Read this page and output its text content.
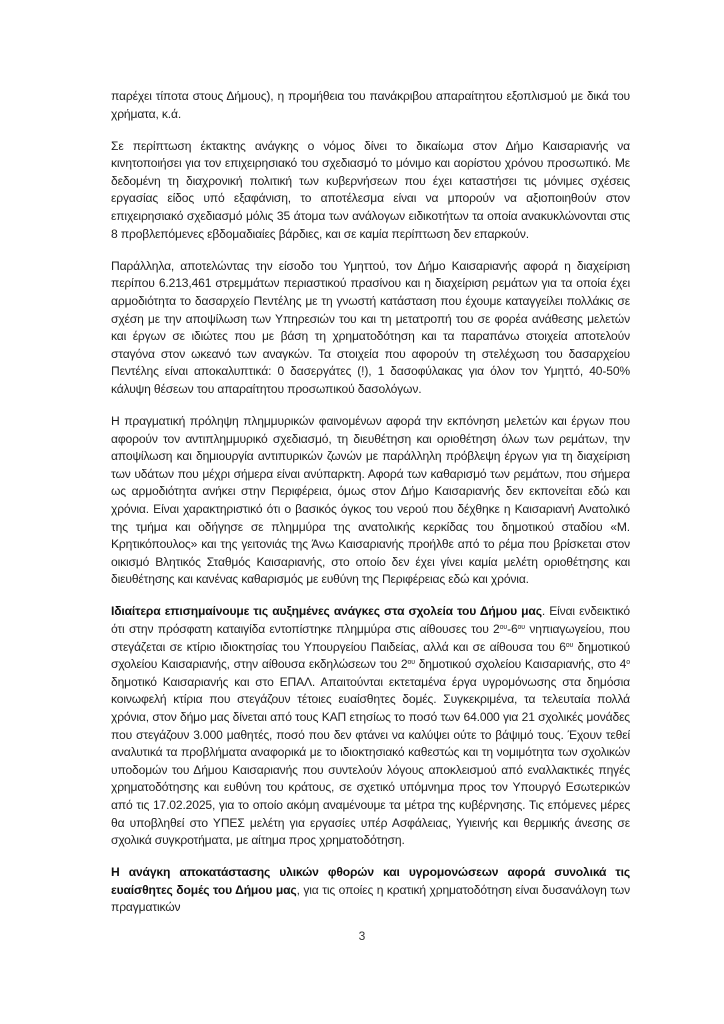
παρέχει τίποτα στους Δήμους), η προμήθεια του πανάκριβου απαραίτητου εξοπλισμού με δικά του χρήματα, κ.ά.

Σε περίπτωση έκτακτης ανάγκης ο νόμος δίνει το δικαίωμα στον Δήμο Καισαριανής να κινητοποιήσει για τον επιχειρησιακό του σχεδιασμό το μόνιμο και αορίστου χρόνου προσωπικό. Με δεδομένη τη διαχρονική πολιτική των κυβερνήσεων που έχει καταστήσει τις μόνιμες σχέσεις εργασίας είδος υπό εξαφάνιση, το αποτέλεσμα είναι να μπορούν να αξιοποιηθούν στον επιχειρησιακό σχεδιασμό μόλις 35 άτομα των ανάλογων ειδικοτήτων τα οποία ανακυκλώνονται στις 8 προβλεπόμενες εβδομαδιαίες βάρδιες, και σε καμία περίπτωση δεν επαρκούν.

Παράλληλα, αποτελώντας την είσοδο του Υμηττού, τον Δήμο Καισαριανής αφορά η διαχείριση περίπου 6.213,461 στρεμμάτων περιαστικού πρασίνου και η διαχείριση ρεμάτων για τα οποία έχει αρμοδιότητα το δασαρχείο Πεντέλης με τη γνωστή κατάσταση που έχουμε καταγγείλει πολλάκις σε σχέση με την αποψίλωση των Υπηρεσιών του και τη μετατροπή του σε φορέα ανάθεσης μελετών και έργων σε ιδιώτες που με βάση τη χρηματοδότηση και τα παραπάνω στοιχεία αποτελούν σταγόνα στον ωκεανό των αναγκών. Τα στοιχεία που αφορούν τη στελέχωση του δασαρχείου Πεντέλης είναι αποκαλυπτικά: 0 δασεργάτες (!), 1 δασοφύλακας για όλον τον Υμηττό, 40-50% κάλυψη θέσεων του απαραίτητου προσωπικού δασολόγων.

Η πραγματική πρόληψη πλημμυρικών φαινομένων αφορά την εκπόνηση μελετών και έργων που αφορούν τον αντιπλημμυρικό σχεδιασμό, τη διευθέτηση και οριοθέτηση όλων των ρεμάτων, την αποψίλωση και δημιουργία αντιπυρικών ζωνών με παράλληλη πρόβλεψη έργων για τη διαχείριση των υδάτων που μέχρι σήμερα είναι ανύπαρκτη. Αφορά των καθαρισμό των ρεμάτων, που σήμερα ως αρμοδιότητα ανήκει στην Περιφέρεια, όμως στον Δήμο Καισαριανής δεν εκπονείται εδώ και χρόνια. Είναι χαρακτηριστικό ότι ο βασικός όγκος του νερού που δέχθηκε η Καισαριανή Ανατολικό της τμήμα και οδήγησε σε πλημμύρα της ανατολικής κερκίδας του δημοτικού σταδίου «Μ. Κρητικόπουλος» και της γειτονιάς της Άνω Καισαριανής προήλθε από το ρέμα που βρίσκεται στον οικισμό Βλητικός Σταθμός Καισαριανής, στο οποίο δεν έχει γίνει καμία μελέτη οριοθέτησης και διευθέτησης και κανένας καθαρισμός με ευθύνη της Περιφέρειας εδώ και χρόνια.

Ιδιαίτερα επισημαίνουμε τις αυξημένες ανάγκες στα σχολεία του Δήμου μας. Είναι ενδεικτικό ότι στην πρόσφατη καταιγίδα εντοπίστηκε πλημμύρα στις αίθουσες του $2^{o\upsilon}-6^{o\upsilon}$ νηπιαγωγείου, που στεγάζεται σε κτίριο ιδιοκτησίας του Υπουργείου Παιδείας, αλλά και σε αίθουσα του $6^{o\upsilon}$ δημοτικού σχολείου Καισαριανής, στην αίθουσα εκδηλώσεων του $2^{o\upsilon}$ δημοτικού σχολείου Καισαριανής, στο $4^o$ δημοτικό Καισαριανής και στο ΕΠΑΛ. Απαιτούνται εκτεταμένα έργα υγρομόνωσης στα δημόσια κοινωφελή κτίρια που στεγάζουν τέτοιες ευαίσθητες δομές. Συγκεκριμένα, τα τελευταία πολλά χρόνια, στον δήμο μας δίνεται από τους ΚΑΠ ετησίως το ποσό των 64.000 για 21 σχολικές μονάδες που στεγάζουν 3.000 μαθητές, ποσό που δεν φτάνει να καλύψει ούτε το βάψιμό τους. Έχουν τεθεί αναλυτικά τα προβλήματα αναφορικά με το ιδιοκτησιακό καθεστώς και τη νομιμότητα των σχολικών υποδομών του Δήμου Καισαριανής που συντελούν λόγους αποκλεισμού από εναλλακτικές πηγές χρηματοδότησης και ευθύνη του κράτους, σε σχετικό υπόμνημα προς τον Υπουργό Εσωτερικών από τις 17.02.2025, για το οποίο ακόμη αναμένουμε τα μέτρα της κυβέρνησης. Τις επόμενες μέρες θα υποβληθεί στο ΥΠΕΣ μελέτη για εργασίες υπέρ Ασφάλειας, Υγιεινής και θερμικής άνεσης σε σχολικά συγκροτήματα, με αίτημα προς χρηματοδότηση.

Η ανάγκη αποκατάστασης υλικών φθορών και υγρομονώσεων αφορά συνολικά τις ευαίσθητες δομές του Δήμου μας, για τις οποίες η κρατική χρηματοδότηση είναι δυσανάλογη των πραγματικών

3
